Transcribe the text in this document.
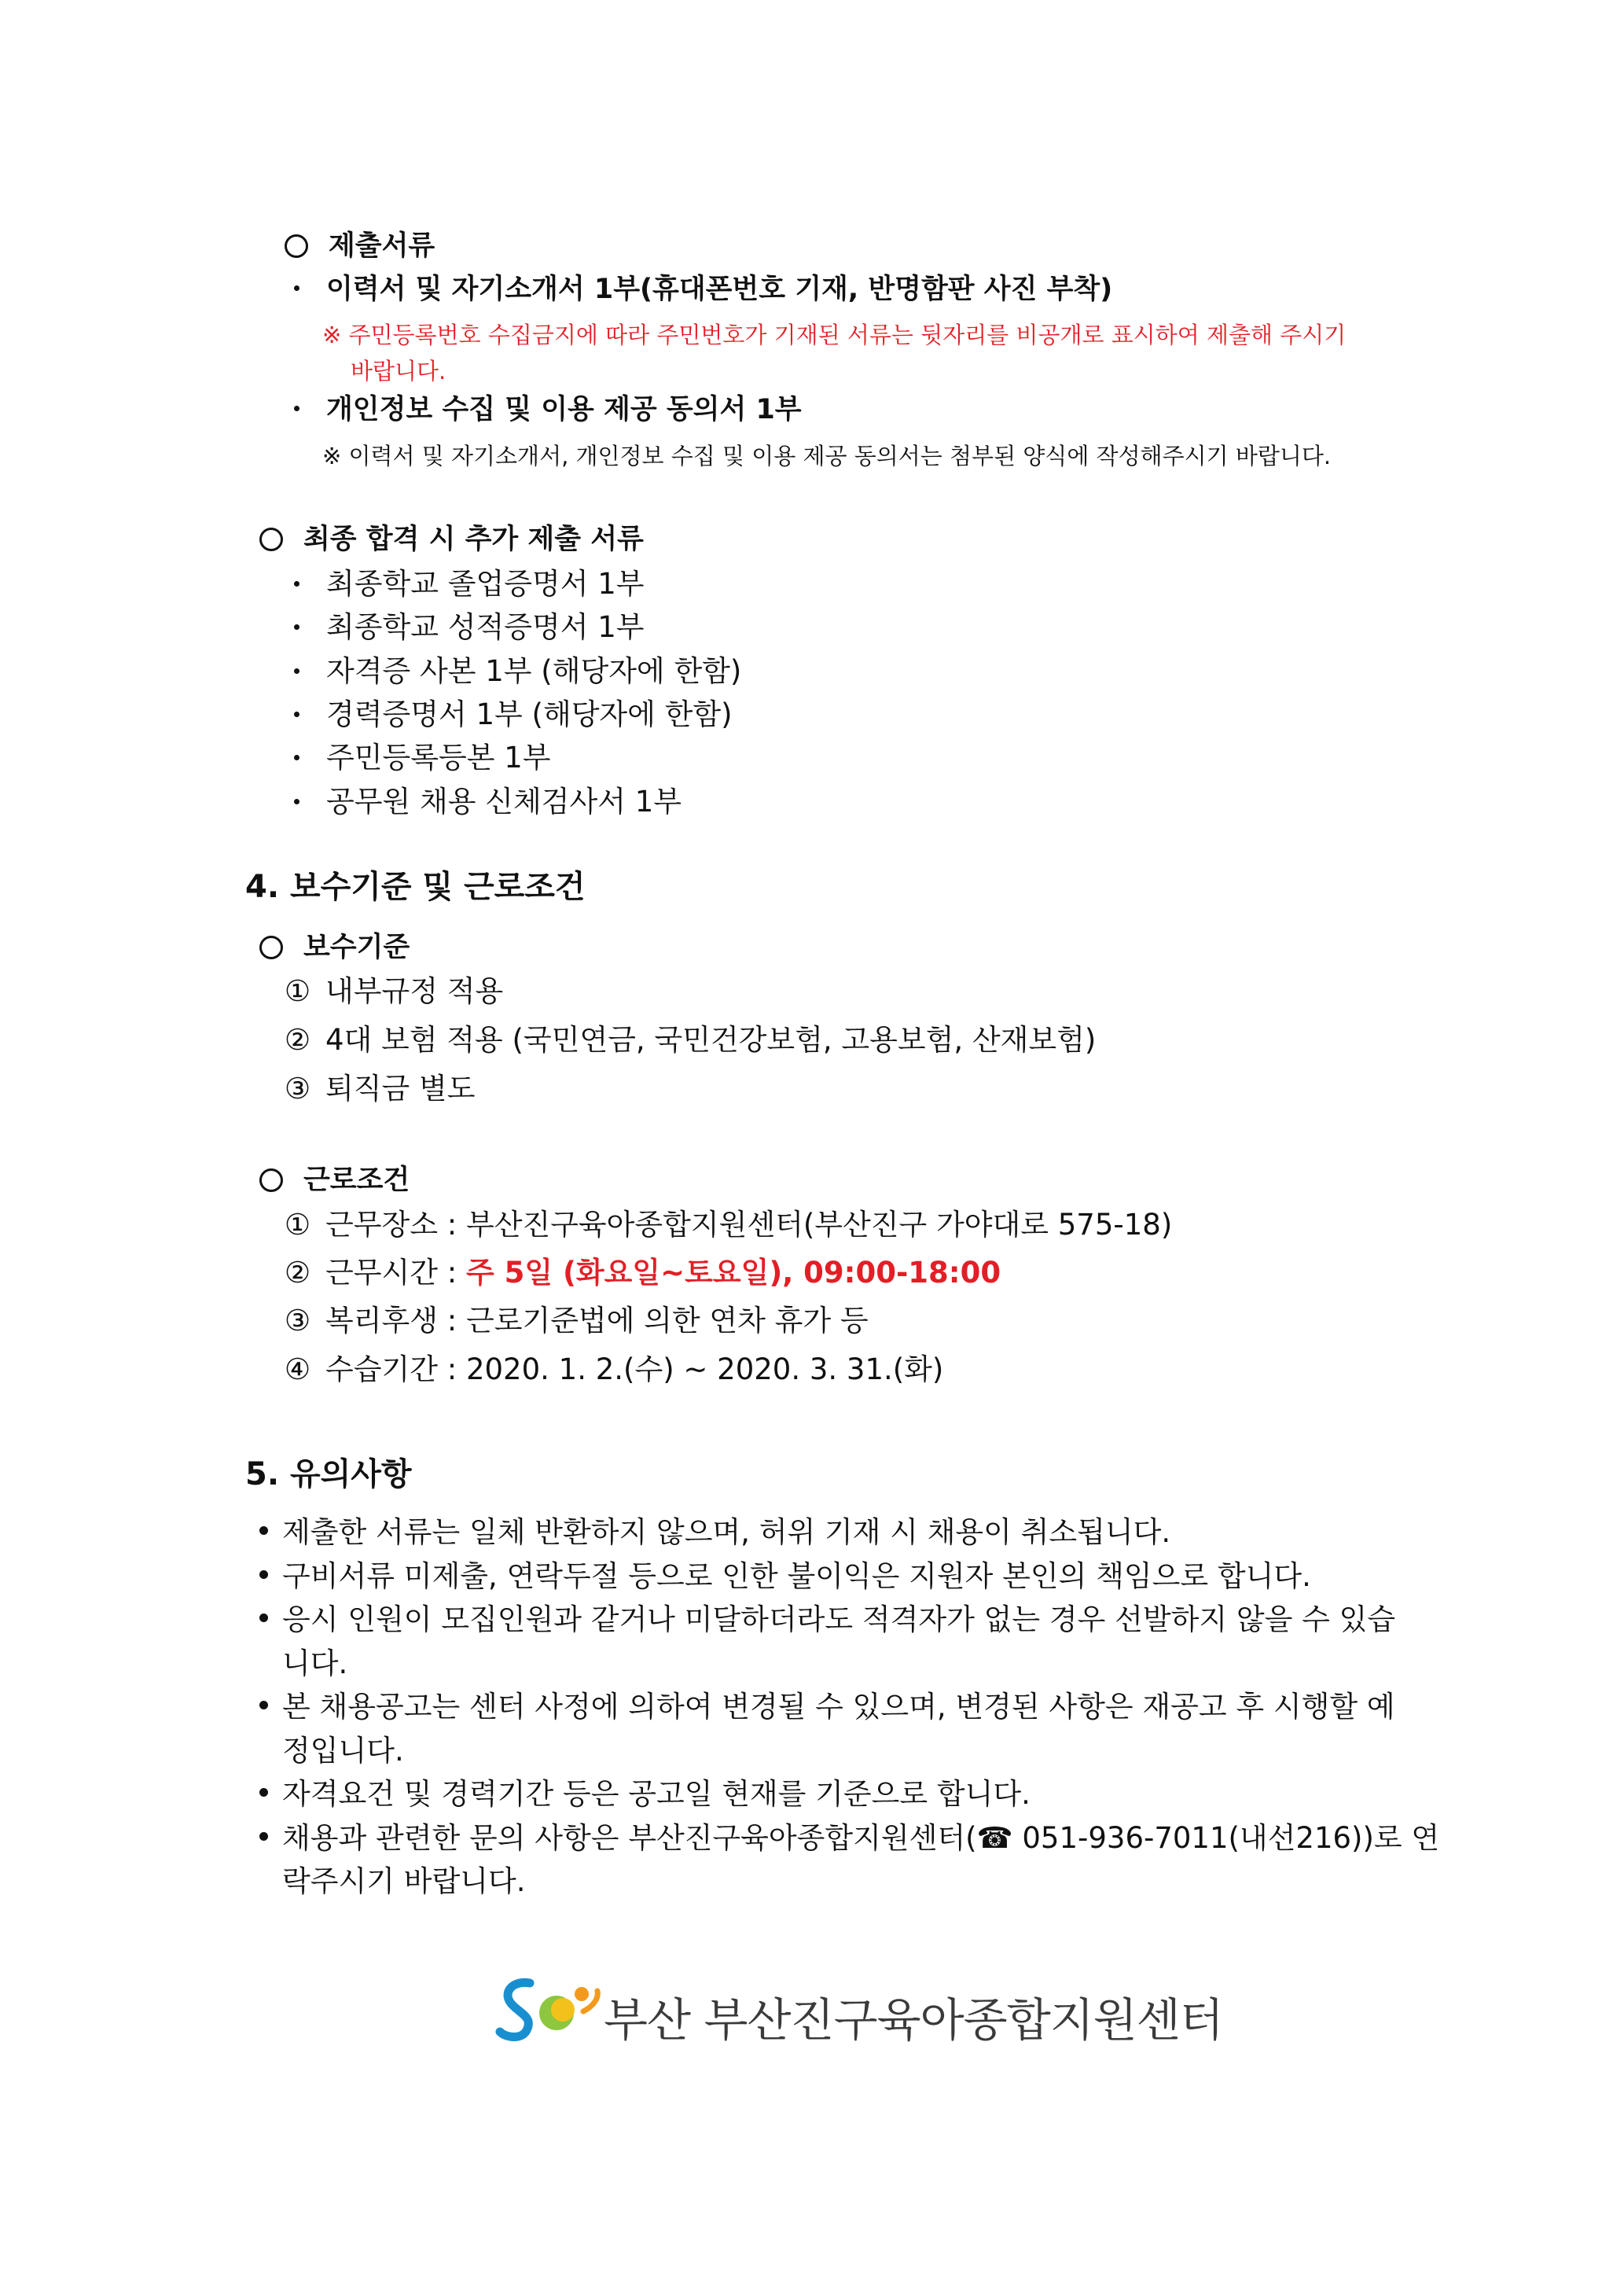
제출서류
이력서 및 자기소개서 1부(휴대폰번호 기재, 반명함판 사진 부착)
※ 주민등록번호 수집금지에 따라 주민번호가 기재된 서류는 뒷자리를 비공개로 표시하여 제출해 주시기
바랍니다.
개인정보 수집 및 이용 제공 동의서 1부
※ 이력서 및 자기소개서, 개인정보 수집 및 이용 제공 동의서는 첨부된 양식에 작성해주시기 바랍니다.
최종 합격 시 추가 제출 서류
최종학교 졸업증명서 1부
최종학교 성적증명서 1부
자격증 사본 1부 (해당자에 한함)
경력증명서 1부 (해당자에 한함)
주민등록등본 1부
공무원 채용 신체검사서 1부
4. 보수기준 및 근로조건
보수기준
① 내부규정 적용
② 4대 보험 적용 (국민연금, 국민건강보험, 고용보험, 산재보험)
③ 퇴직금 별도
근로조건
① 근무장소 : 부산진구육아종합지원센터(부산진구 가야대로 575-18)
② 근무시간 : 주 5일 (화요일~토요일), 09:00-18:00
③ 복리후생 : 근로기준법에 의한 연차 휴가 등
④ 수습기간 : 2020. 1. 2.(수) ~ 2020. 3. 31.(화)
5. 유의사항
제출한 서류는 일체 반환하지 않으며, 허위 기재 시 채용이 취소됩니다.
구비서류 미제출, 연락두절 등으로 인한 불이익은 지원자 본인의 책임으로 합니다.
응시 인원이 모집인원과 같거나 미달하더라도 적격자가 없는 경우 선발하지 않을 수 있습
니다.
본 채용공고는 센터 사정에 의하여 변경될 수 있으며, 변경된 사항은 재공고 후 시행할 예
정입니다.
자격요건 및 경력기간 등은 공고일 현재를 기준으로 합니다.
채용과 관련한 문의 사항은 부산진구육아종합지원센터(☎ 051-936-7011(내선216))로 연
락주시기 바랍니다.
부산 부산진구육아종합지원센터
